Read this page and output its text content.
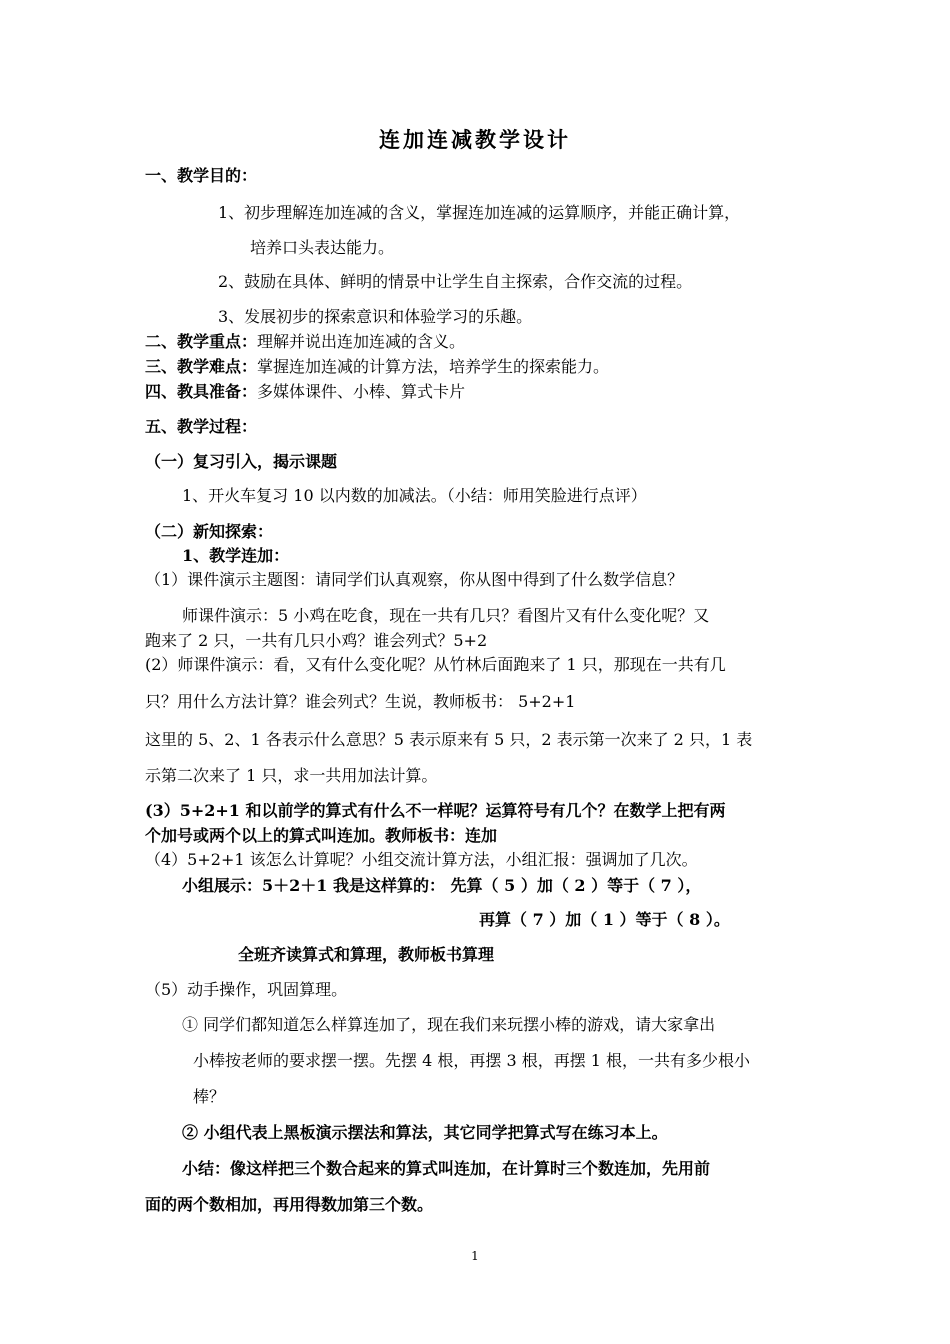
连加连减教学设计
一、教学目的：
1、初步理解连加连减的含义，掌握连加连减的运算顺序，并能正确计算，
培养口头表达能力。
2、鼓励在具体、鲜明的情景中让学生自主探索，合作交流的过程。
3、发展初步的探索意识和体验学习的乐趣。
二、教学重点：理解并说出连加连减的含义。
三、教学难点：掌握连加连减的计算方法，培养学生的探索能力。
四、教具准备：多媒体课件、小棒、算式卡片
五、教学过程：
（一）复习引入，揭示课题
1、开火车复习 10 以内数的加减法。（小结：师用笑脸进行点评）
（二）新知探索：
1、教学连加：
（1）课件演示主题图：请同学们认真观察，你从图中得到了什么数学信息？
师课件演示：5 小鸡在吃食，现在一共有几只？看图片又有什么变化呢？又
跑来了 2 只，一共有几只小鸡？谁会列式？5+2
(2）师课件演示：看，又有什么变化呢？从竹林后面跑来了 1 只，那现在一共有几
只？用什么方法计算？谁会列式？生说，教师板书： 5+2+1
这里的 5、2、1 各表示什么意思？5 表示原来有 5 只，2 表示第一次来了 2 只，1 表
示第二次来了 1 只，求一共用加法计算。
(3）5+2+1 和以前学的算式有什么不一样呢？运算符号有几个？在数学上把有两
个加号或两个以上的算式叫连加。教师板书：连加
（4）5+2+1 该怎么计算呢？小组交流计算方法，小组汇报：强调加了几次。
小组展示：5＋2＋1 我是这样算的： 先算（ 5 ）加（ 2 ）等于（ 7 ），
再算（ 7 ）加（ 1 ）等于（ 8 ）。
全班齐读算式和算理，教师板书算理
（5）动手操作，巩固算理。
① 同学们都知道怎么样算连加了，现在我们来玩摆小棒的游戏，请大家拿出
小棒按老师的要求摆一摆。先摆 4 根，再摆 3 根，再摆 1 根，一共有多少根小
棒？
② 小组代表上黑板演示摆法和算法，其它同学把算式写在练习本上。
小结：像这样把三个数合起来的算式叫连加，在计算时三个数连加，先用前
面的两个数相加，再用得数加第三个数。
1
